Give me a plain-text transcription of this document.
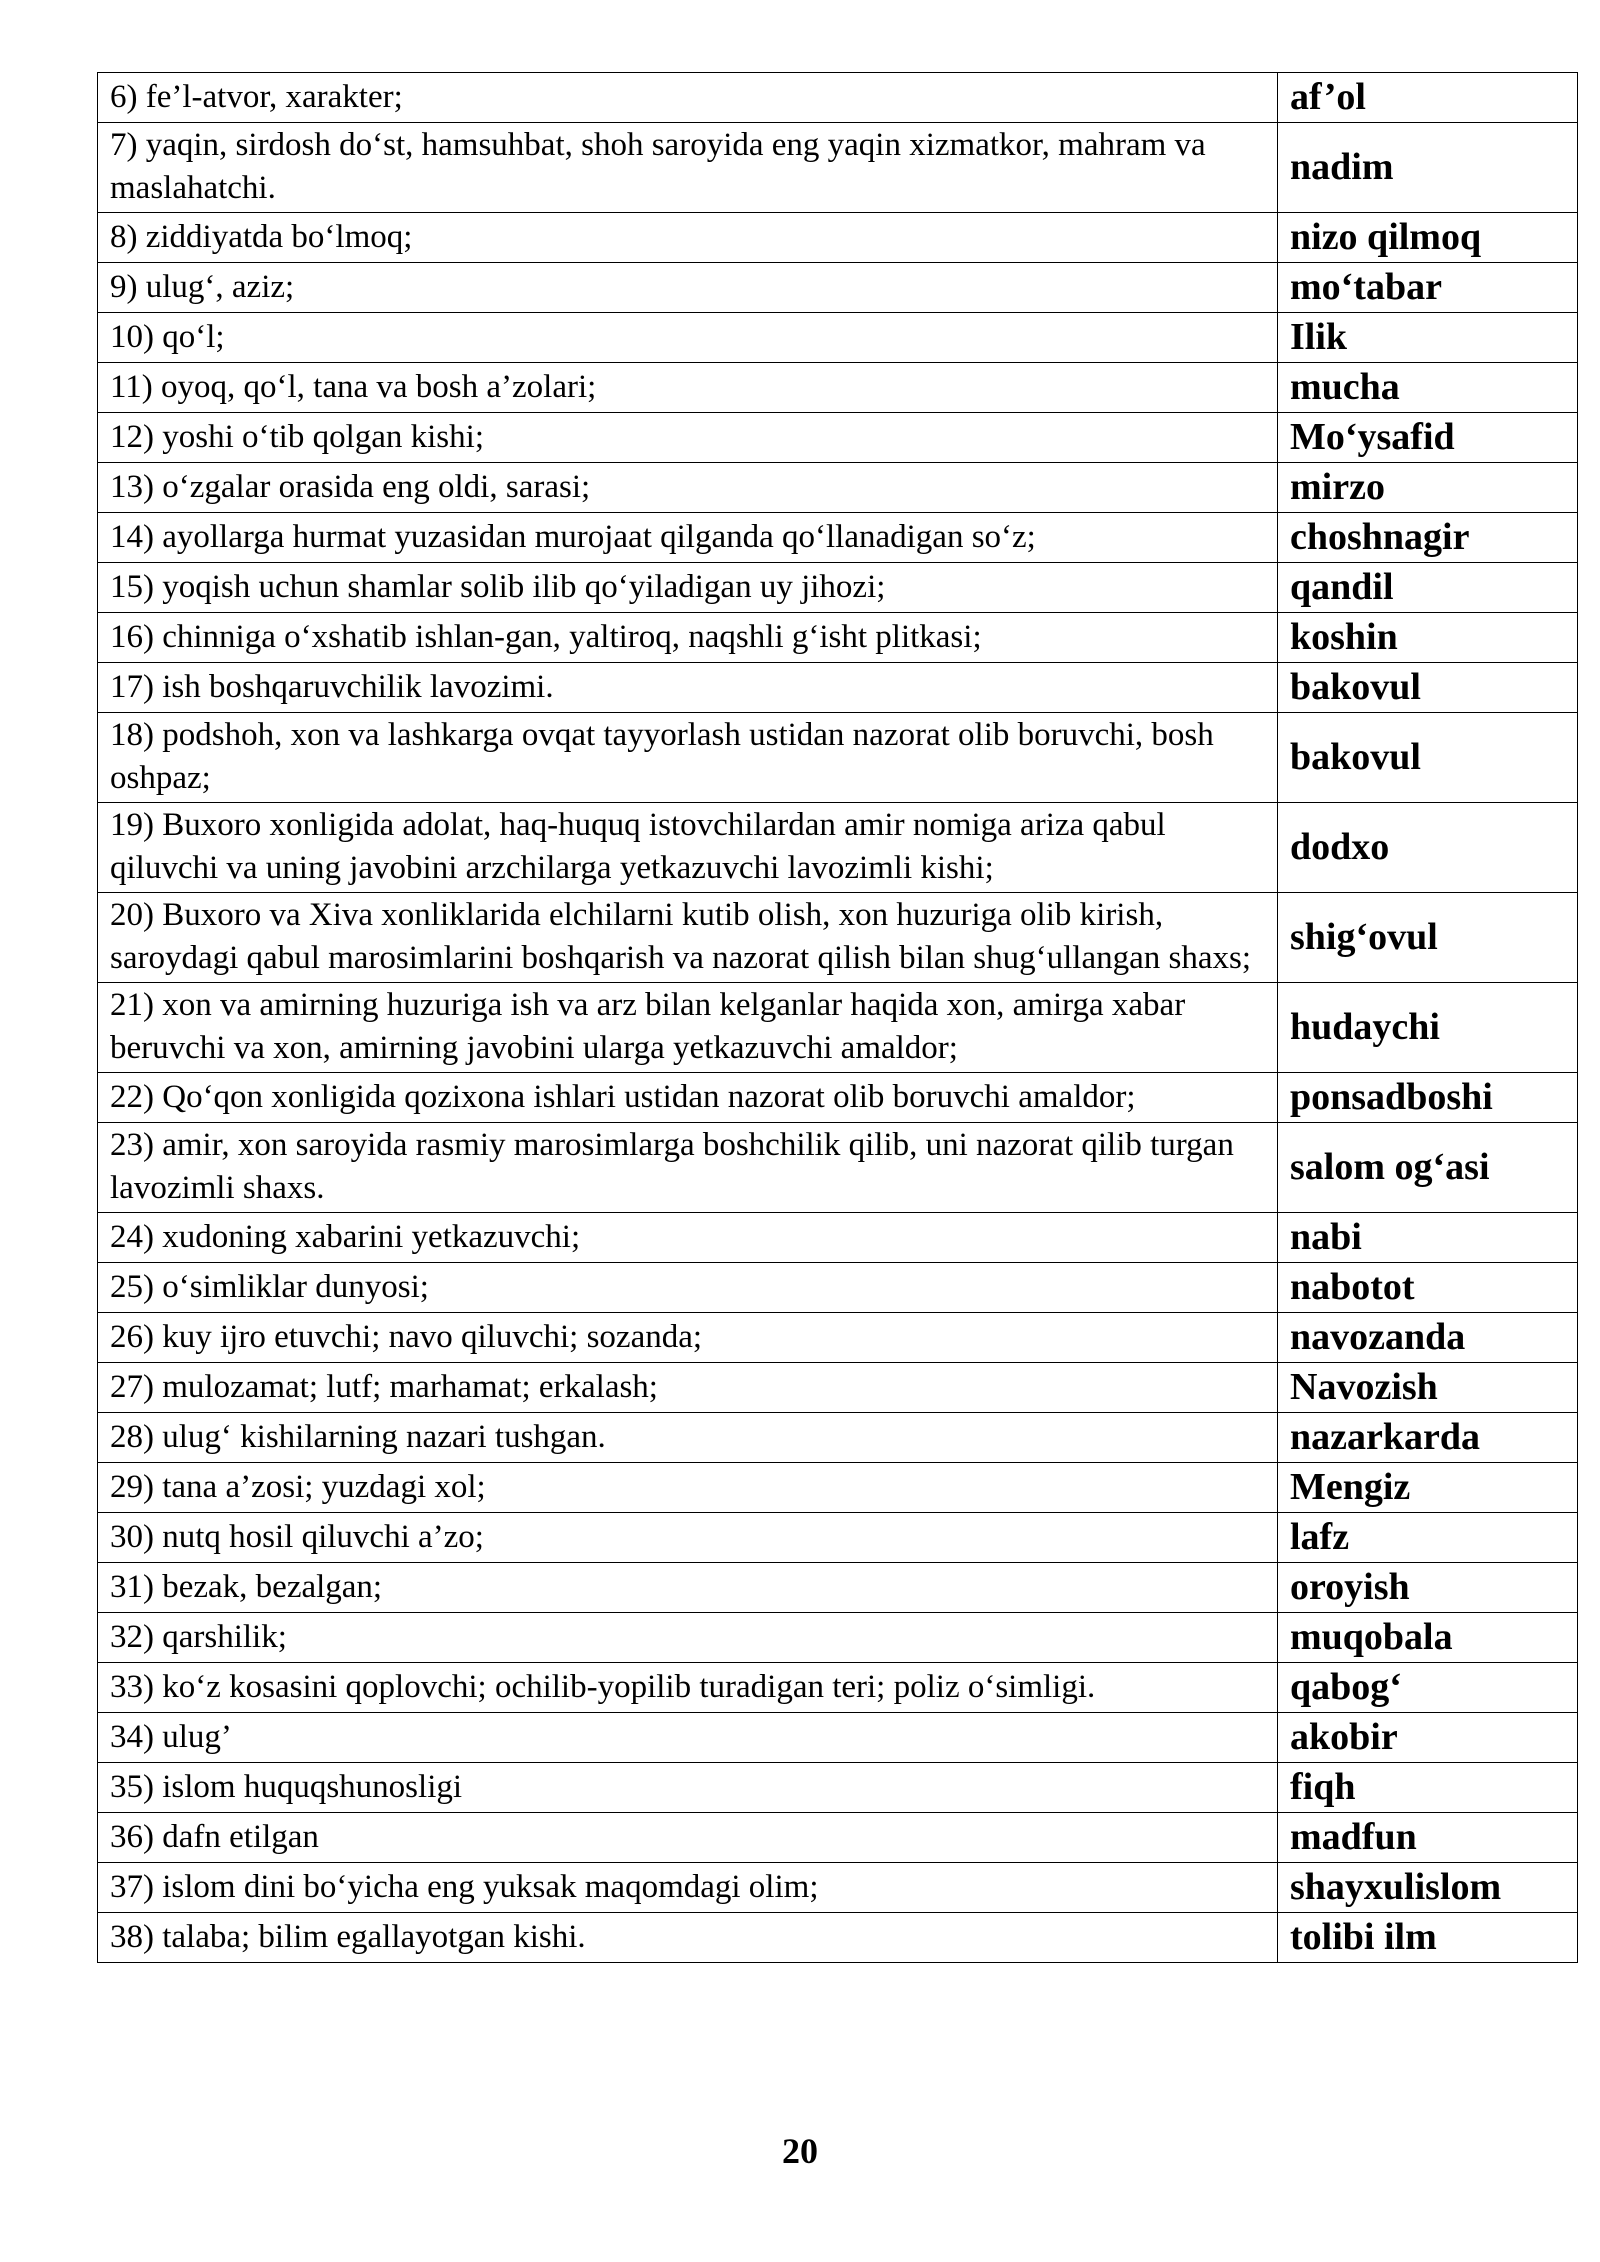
6) fe’l-atvor, xarakter;	af’ol
7) yaqin, sirdosh do‘st, hamsuhbat, shoh saroyida eng yaqin xizmatkor, mahram va maslahatchi.	nadim
8) ziddiyatda bo‘lmoq;	nizo qilmoq
9) ulug‘, aziz;	mo‘tabar
10) qo‘l;	Ilik
11) oyoq, qo‘l, tana va bosh a’zolari;	mucha
12) yoshi o‘tib qolgan kishi;	Mo‘ysafid
13) o‘zgalar orasida eng oldi, sarasi;	mirzo
14) ayollarga hurmat yuzasidan murojaat qilganda qo‘llanadigan so‘z;	choshnagir
15) yoqish uchun shamlar solib ilib qo‘yiladigan uy jihozi;	qandil
16) chinniga o‘xshatib ishlan-gan, yaltiroq, naqshli g‘isht plitkasi;	koshin
17) ish boshqaruvchilik lavozimi.	bakovul
18) podshoh, xon va lashkarga ovqat tayyorlash ustidan nazorat olib boruvchi, bosh oshpaz;	bakovul
19) Buxoro xonligida adolat, haq-huquq istovchilardan amir nomiga ariza qabul qiluvchi va uning javobini arzchilarga yetkazuvchi lavozimli kishi;	dodxo
20) Buxoro va Xiva xonliklarida elchilarni kutib olish, xon huzuriga olib kirish, saroydagi qabul marosimlarini boshqarish va nazorat qilish bilan shug‘ullangan shaxs;	shig‘ovul
21) xon va amirning huzuriga ish va arz bilan kelganlar haqida xon, amirga xabar beruvchi va xon, amirning javobini ularga yetkazuvchi amaldor;	hudaychi
22) Qo‘qon xonligida qozixona ishlari ustidan nazorat olib boruvchi amaldor;	ponsadboshi
23) amir, xon saroyida rasmiy marosimlarga boshchilik qilib, uni nazorat qilib turgan lavozimli shaxs.	salom og‘asi
24) xudoning xabarini yetkazuvchi;	nabi
25) o‘simliklar dunyosi;	nabotot
26) kuy ijro etuvchi; navo qiluvchi; sozanda;	navozanda
27) mulozamat; lutf; marhamat; erkalash;	Navozish
28) ulug‘ kishilarning nazari tushgan.	nazarkarda
29) tana a’zosi; yuzdagi xol;	Mengiz
30) nutq hosil qiluvchi a’zo;	lafz
31) bezak, bezalgan;	oroyish
32) qarshilik;	muqobala
33) ko‘z kosasini qoplovchi; ochilib-yopilib turadigan teri; poliz o‘simligi.	qabog‘
34) ulug’	akobir
35) islom huquqshunosligi	fiqh
36) dafn etilgan	madfun
37) islom dini bo‘yicha eng yuksak maqomdagi olim;	shayxulislom
38) talaba; bilim egallayotgan kishi.	tolibi ilm
20
